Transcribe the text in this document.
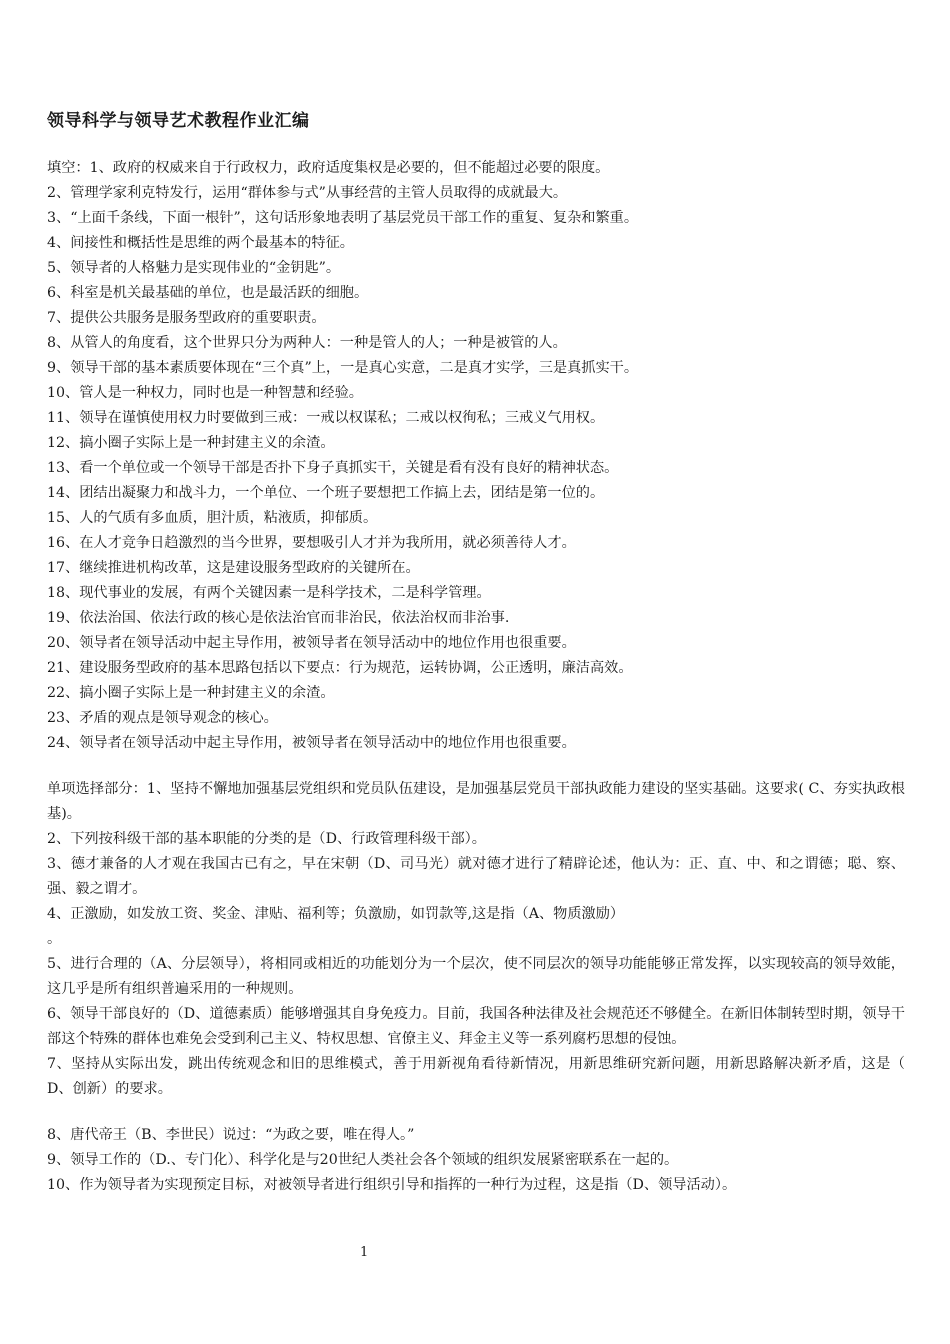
领导科学与领导艺术教程作业汇编
填空：1、政府的权威来自于行政权力，政府适度集权是必要的，但不能超过必要的限度。
2、管理学家利克特发行，运用“群体参与式”从事经营的主管人员取得的成就最大。
3、“上面千条线，下面一根针”，这句话形象地表明了基层党员干部工作的重复、复杂和繁重。
4、间接性和概括性是思维的两个最基本的特征。
5、领导者的人格魅力是实现伟业的“金钥匙”。
6、科室是机关最基础的单位，也是最活跃的细胞。
7、提供公共服务是服务型政府的重要职责。
8、从管人的角度看，这个世界只分为两种人：一种是管人的人；一种是被管的人。
9、领导干部的基本素质要体现在“三个真”上，一是真心实意，二是真才实学，三是真抓实干。
10、管人是一种权力，同时也是一种智慧和经验。
11、领导在谨慎使用权力时要做到三戒：一戒以权谋私；二戒以权徇私；三戒义气用权。
12、搞小圈子实际上是一种封建主义的余渣。
13、看一个单位或一个领导干部是否扑下身子真抓实干，关键是看有没有良好的精神状态。
14、团结出凝聚力和战斗力，一个单位、一个班子要想把工作搞上去，团结是第一位的。
15、人的气质有多血质，胆汁质，粘液质，抑郁质。
16、在人才竞争日趋激烈的当今世界，要想吸引人才并为我所用，就必须善待人才。
17、继续推进机构改革，这是建设服务型政府的关键所在。
18、现代事业的发展，有两个关键因素一是科学技术，二是科学管理。
19、依法治国、依法行政的核心是依法治官而非治民，依法治权而非治事.
20、领导者在领导活动中起主导作用，被领导者在领导活动中的地位作用也很重要。
21、建设服务型政府的基本思路包括以下要点：行为规范，运转协调，公正透明，廉洁高效。
22、搞小圈子实际上是一种封建主义的余渣。
23、矛盾的观点是领导观念的核心。
24、领导者在领导活动中起主导作用，被领导者在领导活动中的地位作用也很重要。
单项选择部分：1、坚持不懈地加强基层党组织和党员队伍建设，是加强基层党员干部执政能力建设的坚实基础。这要求( C、夯实执政根基)。
2、下列按科级干部的基本职能的分类的是（D、行政管理科级干部）。
3、德才兼备的人才观在我国古已有之，早在宋朝（D、司马光）就对德才进行了精辟论述，他认为：正、直、中、和之谓德；聪、察、强、毅之谓才。
4、正激励，如发放工资、奖金、津贴、福利等；负激励，如罚款等,这是指（A、物质激励）
。
5、进行合理的（A、分层领导），将相同或相近的功能划分为一个层次，使不同层次的领导功能能够正常发挥，以实现较高的领导效能，这几乎是所有组织普遍采用的一种规则。
6、领导干部良好的（D、道德素质）能够增强其自身免疫力。目前，我国各种法律及社会规范还不够健全。在新旧体制转型时期，领导干部这个特殊的群体也难免会受到利己主义、特权思想、官僚主义、拜金主义等一系列腐朽思想的侵蚀。
7、坚持从实际出发，跳出传统观念和旧的思维模式，善于用新视角看待新情况，用新思维研究新问题，用新思路解决新矛盾，这是（ D、创新）的要求。
8、唐代帝王（B、李世民）说过：“为政之要，唯在得人。”
9、领导工作的（D.、专门化）、科学化是与20世纪人类社会各个领域的组织发展紧密联系在一起的。
10、作为领导者为实现预定目标，对被领导者进行组织引导和指挥的一种行为过程，这是指（D、领导活动）。
1
